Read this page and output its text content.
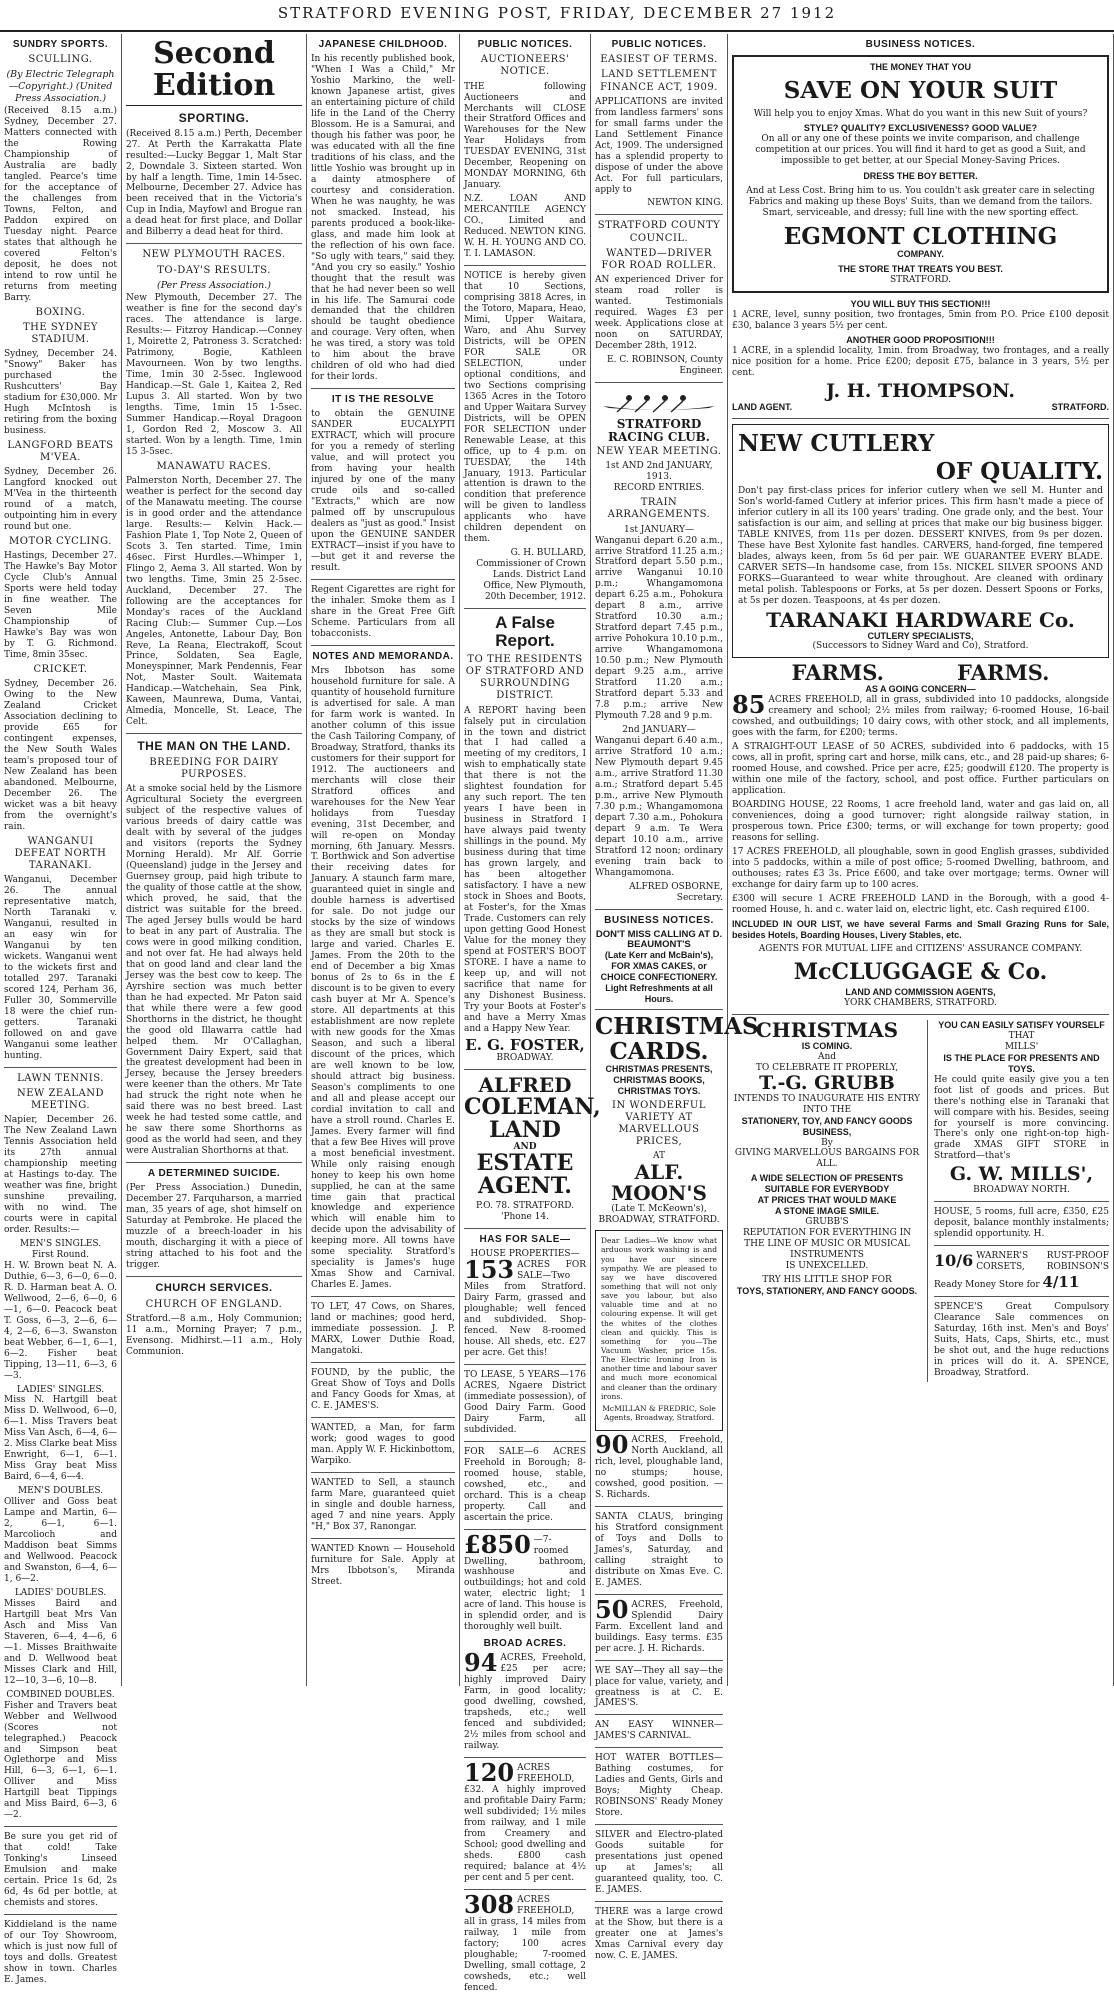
STRATFORD EVENING POST, FRIDAY, DECEMBER 27 1912
SUNDRY SPORTS.
SCULLING.
(By Electric Telegraph—Copyright.) (United Press Association.)

(Received 8.15 a.m.) Sydney, December 27. Matters connected with the Rowing Championship of Australia are badly tangled. Pearce's time for the acceptance of the challenges from Towns, Felton, and Paddon expired on Tuesday night. Pearce states that although he covered Felton's deposit, he does not intend to row until he returns from meeting Barry.

BOXING.
THE SYDNEY STADIUM.

Sydney, December 24. "Snowy" Baker has purchased the Rushcutters' Bay stadium for £30,000. Mr Hugh McIntosh is retiring from the boxing business.

LANGFORD BEATS M'VEA.

Sydney, December 26. Langford knocked out M'Vea in the thirteenth round of a match, outpointing him in every round but one.

MOTOR CYCLING.

Hastings, December 27. The Hawke's Bay Motor Cycle Club's Annual Sports were held today in fine weather. The Seven Mile Championship of Hawke's Bay was won by T. G. Richmond. Time, 8min 35sec.

CRICKET.

Sydney, December 26. Owing to the New Zealand Cricket Association declining to provide £65 for contingent expenses, the New South Wales team's proposed tour of New Zealand has been abandoned. Melbourne, December 26. The wicket was a bit heavy from the overnight's rain.

WANGANUI DEFEAT NORTH TARANAKI.

Wanganui, December 26. The annual representative match, North Taranaki v. Wanganui, resulted in an easy win for Wanganui by ten wickets. Wanganui went to the wickets first and totalled 297. Taranaki scored 124, Perham 36, Fuller 30, Sommerville 18 were the chief run-getters. Taranaki followed on and gave Wanganui some leather hunting.

LAWN TENNIS.
NEW ZEALAND MEETING.

Napier, December 26. The New Zealand Lawn Tennis Association held its 27th annual championship meeting at Hastings to-day. The weather was fine, bright sunshine prevailing, with no wind. The courts were in capital order. Results:—

MEN'S SINGLES.
First Round.

H. W. Brown beat N. A. Duthie, 6—3, 6—0, 6—0. R. D. Harman beat A. O. Wellwood, 2—6, 6—0, 6—1, 6—0. Peacock beat T. Goss, 6—3, 2—6, 6—4, 2—6, 6—3. Swanston beat Webber, 6—1, 6—1, 6—2. Fisher beat Tipping, 13—11, 6—3, 6—3.

LADIES' SINGLES.

Miss N. Hartgill beat Miss D. Wellwood, 6—0, 6—1. Miss Travers beat Miss Van Asch, 6—4, 6—2. Miss Clarke beat Miss Enwright, 6—1, 6—1. Miss Gray beat Miss Baird, 6—4, 6—4.

MEN'S DOUBLES.

Olliver and Goss beat Lampe and Martin, 6—2, 6—1, 6—1. Marcolioch and Maddison beat Simms and Wellwood. Peacock and Swanston, 6—4, 6—1, 6—2.

LADIES' DOUBLES.

Misses Baird and Hartgill beat Mrs Van Asch and Miss Van Staveren, 6—4, 4—6, 6—1. Misses Braithwaite and D. Wellwood beat Misses Clark and Hill, 12—10, 3—6, 10—8.

COMBINED DOUBLES.

Fisher and Travers beat Webber and Wellwood (Scores not telegraphed.) Peacock and Simpson beat Oglethorpe and Miss Hill, 6—3, 6—1, 6—1. Olliver and Miss Hartgill beat Tippings and Miss Baird, 6—3, 6—2.

Be sure you get rid of that cold! Take Tonking's Linseed Emulsion and make certain. Price 1s 6d, 2s 6d, 4s 6d per bottle, at chemists and stores.

Kiddieland is the name of our Toy Showroom, which is just now full of toys and dolls. Greatest show in town. Charles E. James.

Second Edition
SPORTING.

(Received 8.15 a.m.) Perth, December 27. At Perth the Karrakatta Plate resulted:—Lucky Beggar 1, Malt Star 2, Downdale 3. Sixteen started. Won by half a length. Time, 1min 14-5sec. Melbourne, December 27. Advice has been received that in the Victoria's Cup in India, Mayfowl and Brogue ran a dead heat for first place, and Dollar and Bilberry a dead heat for third.

NEW PLYMOUTH RACES.
TO-DAY'S RESULTS.
(Per Press Association.)

New Plymouth, December 27. The weather is fine for the second day's races. The attendance is large. Results:— Fitzroy Handicap.—Conney 1, Moirette 2, Patroness 3. Scratched: Patrimony, Bogie, Kathleen Mavourneen. Won by two lengths. Time, 1min 30 2-5sec. Inglewood Handicap.—St. Gale 1, Kaitea 2, Red Lupus 3. All started. Won by two lengths. Time, 1min 15 1-5sec. Summer Handicap.—Royal Dragoon 1, Gordon Red 2, Moscow 3. All started. Won by a length. Time, 1min 15 3-5sec.

MANAWATU RACES.

Palmerston North, December 27. The weather is perfect for the second day of the Manawatu meeting. The course is in good order and the attendance large. Results:— Kelvin Hack.—Fashion Plate 1, Top Note 2, Queen of Scots 3. Ten started. Time, 1min 46sec. First Hurdles.—Whimper 1, Flingo 2, Aema 3. All started. Won by two lengths. Time, 3min 25 2-5sec. Auckland, December 27. The following are the acceptances for Monday's races of the Auckland Racing Club:— Summer Cup.—Los Angeles, Antonette, Labour Day, Bon Reve, La Reana, Electrakoff, Scout Prince, Soldaten, Sea Eagle, Moneyspinner, Mark Pendennis, Fear Not, Master Soult. Waitemata Handicap.—Watchehain, Sea Pink, Kaween, Maunrewa, Duma, Vantai, Almedia, Moncelle, St. Leace, The Celt.

THE MAN ON THE LAND.
BREEDING FOR DAIRY PURPOSES.

At a smoke social held by the Lismore Agricultural Society the evergreen subject of the respective values of various breeds of dairy cattle was dealt with by several of the judges and visitors (reports the Sydney Morning Herald). Mr Alf. Gorrie (Queensland) judge in the Jersey and Guernsey group, paid high tribute to the quality of those cattle at the show, which proved, he said, that the district was suitable for the breed. The aged Jersey bulls would be hard to beat in any part of Australia. The cows were in good milking condition, and not over fat. He had always held that on good land and clear land the Jersey was the best cow to keep. The Ayrshire section was much better than he had expected. Mr Paton said that while there were a few good Shorthorns in the district, he thought the good old Illawarra cattle had helped them. Mr O'Callaghan, Government Dairy Expert, said that the greatest development had been in Jersey, because the Jersey breeders were keener than the others. Mr Tate had struck the right note when he said there was no best breed. Last week he had tested some cattle, and he saw there some Shorthorns as good as the world had seen, and they were Australian Shorthorns at that.

A DETERMINED SUICIDE.

(Per Press Association.) Dunedin, December 27. Farquharson, a married man, 35 years of age, shot himself on Saturday at Pembroke. He placed the muzzle of a breech-loader in his mouth, discharging it with a piece of string attached to his foot and the trigger.

CHURCH SERVICES.
CHURCH OF ENGLAND.

Stratford.—8 a.m., Holy Communion; 11 a.m., Morning Prayer; 7 p.m., Evensong. Midhirst.—11 a.m., Holy Communion.

JAPANESE CHILDHOOD.

In his recently published book, "When I Was a Child," Mr Yoshio Markino, the well-known Japanese artist, gives an entertaining picture of child life in the Land of the Cherry Blossom. He is a Samurai, and though his father was poor, he was educated with all the fine traditions of his class, and the little Yoshio was brought up in a dainty atmosphere of courtesy and consideration. When he was naughty, he was not smacked. Instead, his parents produced a book-like-glass, and made him look at the reflection of his own face. "So ugly with tears," said they. "And you cry so easily." Yoshio thought that the result was that he had never been so well in his life. The Samurai code demanded that the children should be taught obedience and courage. Very often, when he was tired, a story was told to him about the brave children of old who had died for their lords.

IT IS THE RESOLVE

to obtain the GENUINE SANDER EUCALYPTI EXTRACT, which will procure for you a remedy of sterling value, and will protect you from having your health injured by one of the many crude oils and so-called "Extracts," which are now palmed off by unscrupulous dealers as "just as good." Insist upon the GENUINE SANDER EXTRACT—insist if you have to—but get it and reverse the result.

Regent Cigarettes are right for the inhaler. Smoke them as I share in the Great Free Gift Scheme. Particulars from all tobacconists.

NOTES AND MEMORANDA.

Mrs Ibbotson has some household furniture for sale. A quantity of household furniture is advertised for sale. A man for farm work is wanted. In another column of this issue the Cash Tailoring Company, of Broadway, Stratford, thanks its customers for their support for 1912. The auctioneers and merchants will close their Stratford offices and warehouses for the New Year holidays from Tuesday evening, 31st December, and will re-open on Monday morning, 6th January. Messrs. T. Borthwick and Son advertise their receiving dates for January. A staunch farm mare, guaranteed quiet in single and double harness is advertised for sale. Do not judge our stocks by the size of windows as they are small but stock is large and varied. Charles E. James. From the 20th to the end of December a big Xmas bonus of 2s to 6s in the £ discount is to be given to every cash buyer at Mr A. Spence's store. All departments at this establishment are now replete with new goods for the Xmas Season, and such a liberal discount of the prices, which are well known to be low, should attract big business. Season's compliments to one and all and please accept our cordial invitation to call and have a stroll round. Charles E. James. Every farmer will find that a few Bee Hives will prove a most beneficial investment. While only raising enough honey to keep his own home supplied, he can at the same time gain that practical knowledge and experience which will enable him to decide upon the advisability of keeping more. All towns have some speciality. Stratford's speciality is James's huge Xmas Show and Carnival. Charles E. James.

TO LET, 47 Cows, on Shares, land or machines; good herd, immediate possession. J. P. MARX, Lower Duthie Road, Mangatoki.

FOUND, by the public, the Great Show of Toys and Dolls and Fancy Goods for Xmas, at C. E. JAMES'S.

WANTED, a Man, for farm work; good wages to good man. Apply W. F. Hickinbottom, Warpiko.

WANTED to Sell, a staunch farm Mare, guaranteed quiet in single and double harness, aged 7 and nine years. Apply "H," Box 37, Ranongar.

WANTED Known — Household furniture for Sale. Apply at Mrs Ibbotson's, Miranda Street.

PUBLIC NOTICES.
AUCTIONEERS' NOTICE.

THE following Auctioneers and Merchants will CLOSE their Stratford Offices and Warehouses for the New Year Holidays from TUESDAY EVENING, 31st December, Reopening on MONDAY MORNING, 6th January.

N.Z. LOAN AND MERCANTILE AGENCY CO., Limited and Reduced. NEWTON KING. W. H. H. YOUNG AND CO. T. I. LAMASON.

NOTICE is hereby given that 10 Sections, comprising 3818 Acres, in the Totoro, Mapara, Heao, Mimi, Upper Waitara, Waro, and Ahu Survey Districts, will be OPEN FOR SALE OR SELECTION, under optional conditions, and two Sections comprising 1365 Acres in the Totoro and Upper Waitara Survey Districts, will be OPEN FOR SELECTION under Renewable Lease, at this office, up to 4 p.m. on TUESDAY, the 14th January, 1913. Particular attention is drawn to the condition that preference will be given to landless applicants who have children dependent on them.

G. H. BULLARD, Commissioner of Crown Lands. District Land Office, New Plymouth, 20th December, 1912.

A False Report.
TO THE RESIDENTS OF STRATFORD AND SURROUNDING DISTRICT.

A REPORT having been falsely put in circulation in the town and district that I had called a meeting of my creditors, I wish to emphatically state that there is not the slightest foundation for any such report. The ten years I have been in business in Stratford I have always paid twenty shillings in the pound. My business during that time has grown largely, and has been altogether satisfactory. I have a new stock in Shoes and Boots, at Foster's, for the Xmas Trade. Customers can rely upon getting Good Honest Value for the money they spend at FOSTER'S BOOT STORE. I have a name to keep up, and will not sacrifice that name for any Dishonest Business. Try your Boots at Foster's and have a Merry Xmas and a Happy New Year.

E. G. FOSTER,
BROADWAY.
ALFRED
COLEMAN,
LAND
AND
ESTATE
AGENT.
P.O. 78. STRATFORD. 'Phone 14.
HAS FOR SALE—
HOUSE PROPERTIES—

153 ACRES FOR SALE—Two Miles from Stratford. Dairy Farm, grassed and ploughable; well fenced and subdivided. Shop-fenced. New 8-roomed house. All sheds, etc. £27 per acre. Get this!

TO LEASE, 5 YEARS—176 ACRES, Ngaere District (immediate possession), of Good Dairy Farm. Good Dairy Farm, all subdivided.

FOR SALE—6 ACRES Freehold in Borough; 8-roomed house, stable, cowshed, etc., and orchard. This is a cheap property. Call and ascertain the price.

£850 —7-roomed Dwelling, bathroom, washhouse and outbuildings; hot and cold water, electric light; 1 acre of land. This house is in splendid order, and is thoroughly well built.

BROAD ACRES.

94 ACRES, Freehold, £25 per acre; highly improved Dairy Farm, in good locality; good dwelling, cowshed, trapsheds, etc.; well fenced and subdivided; 2½ miles from school and railway.

120 ACRES FREEHOLD, £32. A highly improved and profitable Dairy Farm; well subdivided; 1½ miles from railway, and 1 mile from Creamery and School; good dwelling and sheds. £800 cash required; balance at 4½ per cent and 5 per cent.

308 ACRES FREEHOLD, all in grass, 14 miles from railway, 1 mile from factory; 100 acres ploughable; 7-roomed Dwelling, small cottage, 2 cowsheds, etc.; well fenced.

PUBLIC NOTICES.
EASIEST OF TERMS.
LAND SETTLEMENT FINANCE ACT, 1909.

APPLICATIONS are invited from landless farmers' sons for small farms under the Land Settlement Finance Act, 1909. The undersigned has a splendid property to dispose of under the above Act. For full particulars, apply to

NEWTON KING.

STRATFORD COUNTY COUNCIL.
WANTED—DRIVER FOR ROAD ROLLER.

AN experienced Driver for steam road roller is wanted. Testimonials required. Wages £3 per week. Applications close at noon on SATURDAY, December 28th, 1912.

E. C. ROBINSON, County Engineer.

STRATFORD RACING CLUB.
NEW YEAR MEETING.
1st AND 2nd JANUARY, 1913.
RECORD ENTRIES.
TRAIN ARRANGEMENTS.
1st JANUARY—

Wanganui depart 6.20 a.m., arrive Stratford 11.25 a.m.; Stratford depart 5.50 p.m., arrive Wanganui 10.10 p.m.; Whangamomona depart 6.25 a.m., Pohokura depart 8 a.m., arrive Stratford 10.30 a.m.; Stratford depart 7.45 p.m., arrive Pohokura 10.10 p.m., arrive Whangamomona 10.50 p.m.; New Plymouth depart 9.25 a.m., arrive Stratford 11.20 a.m.; Stratford depart 5.33 and 7.8 p.m.; arrive New Plymouth 7.28 and 9 p.m.

2nd JANUARY—

Wanganui depart 6.40 a.m., arrive Stratford 10 a.m.; New Plymouth depart 9.45 a.m., arrive Stratford 11.30 a.m.; Stratford depart 5.45 p.m., arrive New Plymouth 7.30 p.m.; Whangamomona depart 7.30 a.m., Pohokura depart 9 a.m. Te Wera depart 10.10 a.m., arrive Stratford 12 noon; ordinary evening train back to Whangamomona.

ALFRED OSBORNE, Secretary.

BUSINESS NOTICES.
DON'T MISS CALLING AT D. BEAUMONT'S
(Late Kerr and McBain's), FOR XMAS CAKES, or CHOICE CONFECTIONERY. Light Refreshments at all Hours.
CHRISTMAS CARDS.
CHRISTMAS PRESENTS, CHRISTMAS BOOKS, CHRISTMAS TOYS.
IN WONDERFUL VARIETY AT MARVELLOUS PRICES,
AT
ALF. MOON'S
(Late T. McKeown's), BROADWAY, STRATFORD.

Dear Ladies—We know what arduous work washing is and you have our sincere sympathy. We are pleased to say we have discovered something that will not only save you labour, but also valuable time and at no colouring expense. It will get the whites of the clothes clean and quickly. This is something for you—The Vacuum Washer, price 15s. The Electric Ironing Iron is another time and labour saver and much more economical and cleaner than the ordinary irons.

McMILLAN & FREDRIC, Sole Agents, Broadway, Stratford.

90 ACRES, Freehold, North Auckland, all rich, level, ploughable land, no stumps; house, cowshed, good position. — S. Richards.

SANTA CLAUS, bringing his Stratford consignment of Toys and Dolls to James's, Saturday, and calling straight to distribute on Xmas Eve. C. E. JAMES.

50 ACRES, Freehold, Splendid Dairy Farm. Excellent land and buildings. Easy terms. £35 per acre. J. H. Richards.

WE SAY—They all say—the place for value, variety, and greatness is at C. E. JAMES'S.

AN EASY WINNER—JAMES'S CARNIVAL.

HOT WATER BOTTLES—Bathing costumes, for Ladies and Gents, Girls and Boys; Mighty Cheap. ROBINSONS' Ready Money Store.

SILVER and Electro-plated Goods suitable for presentations just opened up at James's; all guaranteed quality, too. C. E. JAMES.

THERE was a large crowd at the Show, but there is a greater one at James's Xmas Carnival every day now. C. E. JAMES.

BUSINESS NOTICES.
THE MONEY THAT YOU
SAVE ON YOUR SUIT

Will help you to enjoy Xmas. What do you want in this new Suit of yours?

STYLE? QUALITY? EXCLUSIVENESS? GOOD VALUE?

On all or any one of these points we invite comparison, and challenge competition at our prices. You will find it hard to get as good a Suit, and impossible to get better, at our Special Money-Saving Prices.

DRESS THE BOY BETTER.

And at Less Cost. Bring him to us. You couldn't ask greater care in selecting Fabrics and making up these Boys' Suits, than we demand from the tailors. Smart, serviceable, and dressy; full line with the new sporting effect.

EGMONT CLOTHING
COMPANY.
THE STORE THAT TREATS YOU BEST.
STRATFORD.
YOU WILL BUY THIS SECTION!!!

1 ACRE, level, sunny position, two frontages, 5min from P.O. Price £100 deposit £30, balance 3 years 5½ per cent.

ANOTHER GOOD PROPOSITION!!!

1 ACRE, in a splendid locality, 1min. from Broadway, two frontages, and a really nice position for a home. Price £200; deposit £75, balance in 3 years, 5½ per cent.

J. H. THOMPSON.
LAND AGENT.	STRATFORD.
NEW CUTLERY
OF QUALITY.

Don't pay first-class prices for inferior cutlery when we sell M. Hunter and Son's world-famed Cutlery at inferior prices. This firm hasn't made a piece of inferior cutlery in all its 100 years' trading. One grade only, and the best. Your satisfaction is our aim, and selling at prices that make our big business bigger. TABLE KNIVES, from 11s per dozen. DESSERT KNIVES, from 9s per dozen. These have Best Xylonite fast handles. CARVERS, hand-forged, fine tempered blades, always keen, from 5s 6d per pair. WE GUARANTEE EVERY BLADE. CARVER SETS—In handsome case, from 15s. NICKEL SILVER SPOONS AND FORKS—Guaranteed to wear white throughout. Are cleaned with ordinary metal polish. Tablespoons or Forks, at 5s per dozen. Dessert Spoons or Forks, at 5s per dozen. Teaspoons, at 4s per dozen.

TARANAKI HARDWARE Co.
CUTLERY SPECIALISTS,
(Successors to Sidney Ward and Co), Stratford.
FARMS.          FARMS.
AS A GOING CONCERN—

85 ACRES FREEHOLD, all in grass, subdivided into 10 paddocks, alongside creamery and school; 2½ miles from railway; 6-roomed House, 16-bail cowshed, and outbuildings; 10 dairy cows, with other stock, and all implements, goes with the farm, for £200; terms.

A STRAIGHT-OUT LEASE of 50 ACRES, subdivided into 6 paddocks, with 15 cows, all in profit, spring cart and horse, milk cans, etc., and 28 paid-up shares; 6-roomed House, and cowshed. Price per acre, £25; goodwill £120. The property is within one mile of the factory, school, and post office. Further particulars on application.

BOARDING HOUSE, 22 Rooms, 1 acre freehold land, water and gas laid on, all conveniences, doing a good turnover; right alongside railway station, in prosperous town. Price £300; terms, or will exchange for town property; good reasons for selling.

17 ACRES FREEHOLD, all ploughable, sown in good English grasses, subdivided into 5 paddocks, within a mile of post office; 5-roomed Dwelling, bathroom, and outhouses; rates £3 3s. Price £600, and take over mortgage; terms. Owner will exchange for dairy farm up to 100 acres.

£300 will secure 1 ACRE FREEHOLD LAND in the Borough, with a good 4-roomed House, h. and c. water laid on, electric light, etc. Cash required £100.

INCLUDED IN OUR LIST, we have several Farms and Small Grazing Runs for Sale, besides Hotels, Boarding Houses, Livery Stables, etc.

AGENTS FOR MUTUAL LIFE and CITIZENS' ASSURANCE COMPANY.
McCLUGGAGE & Co.
LAND AND COMMISSION AGENTS,
YORK CHAMBERS, STRATFORD.
CHRISTMAS
IS COMING.
And
TO CELEBRATE IT PROPERLY,
T.-G. GRUBB
INTENDS TO INAUGURATE HIS ENTRY INTO THE
STATIONERY, TOY, AND FANCY GOODS BUSINESS,
By
GIVING MARVELLOUS BARGAINS FOR ALL.
A WIDE SELECTION OF PRESENTS SUITABLE FOR EVERYBODY
AT PRICES THAT WOULD MAKE
A STONE IMAGE SMILE.
GRUBB'S
REPUTATION FOR EVERYTHING IN THE LINE OF MUSIC OR MUSICAL INSTRUMENTS
IS UNEXCELLED.
TRY HIS LITTLE SHOP FOR
TOYS, STATIONERY, AND FANCY GOODS.
YOU CAN EASILY SATISFY YOURSELF
THAT
MILLS'
IS THE PLACE FOR PRESENTS AND TOYS.

He could quite easily give you a ten foot list of goods and prices. But there's nothing else in Taranaki that will compare with his. Besides, seeing for yourself is more convincing. There's only one right-on-top high-grade XMAS GIFT STORE in Stratford—that's

G. W. MILLS',
BROADWAY NORTH.

HOUSE, 5 rooms, full acre, £350, £25 deposit, balance monthly instalments; splendid opportunity. H.

10/6 WARNER'S RUST-PROOF CORSETS, ROBINSON'S Ready Money Store for 4/11

SPENCE'S Great Compulsory Clearance Sale commences on Saturday, 16th inst. Men's and Boys' Suits, Hats, Caps, Shirts, etc., must be shot out, and the huge reductions in prices will do it. A. SPENCE, Broadway, Stratford.
